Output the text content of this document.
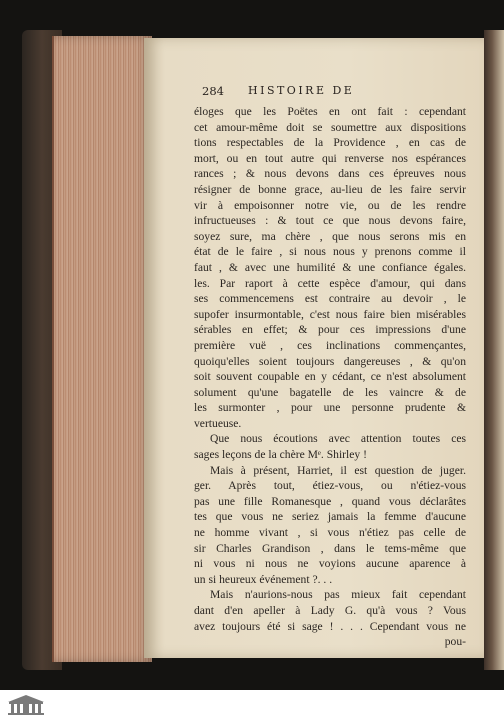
284 HISTOIRE DE
éloges que les Poëtes en ont fait : cependant
cet amour-même doit se soumettre aux dispositions
tions respectables de la Providence , en cas de
mort, ou en tout autre qui renverse nos espérances
rances ; & nous devons dans ces épreuves nous
résigner de bonne grace, au-lieu de les faire servir
vir à empoisonner notre vie, ou de les rendre
infructueuses : & tout ce que nous devons faire,
soyez sure, ma chère , que nous serons mis en
état de le faire , si nous nous y prenons comme il
faut , & avec une humilité & une confiance égales.
les. Par raport à cette espèce d'amour, qui dans
ses commencemens est contraire au devoir , le
supofer insurmontable, c'est nous faire bien misérables
sérables en effet; & pour ces impressions d'une
première vuë , ces inclinations commençantes,
quoiqu'elles soient toujours dangereuses , & qu'on
soit souvent coupable en y cédant, ce n'est absolument
solument qu'une bagatelle de les vaincre & de
les surmonter , pour une personne prudente &
vertueuse.
Que nous écoutions avec attention toutes ces
sages leçons de la chère Mᵉ. Shirley !
Mais à présent, Harriet, il est question de juger.
ger. Après tout, étiez-vous, ou n'étiez-vous
pas une fille Romanesque , quand vous déclarâtes
tes que vous ne seriez jamais la femme d'aucune
ne homme vivant , si vous n'étiez pas celle de
sir Charles Grandison , dans le tems-même que
ni vous ni nous ne voyions aucune aparence à
un si heureux événement ?. . .
Mais n'aurions-nous pas mieux fait cependant
dant d'en apeller à Lady G. qu'à vous ? Vous
avez toujours été si sage ! . . . Cependant vous ne
pou-
